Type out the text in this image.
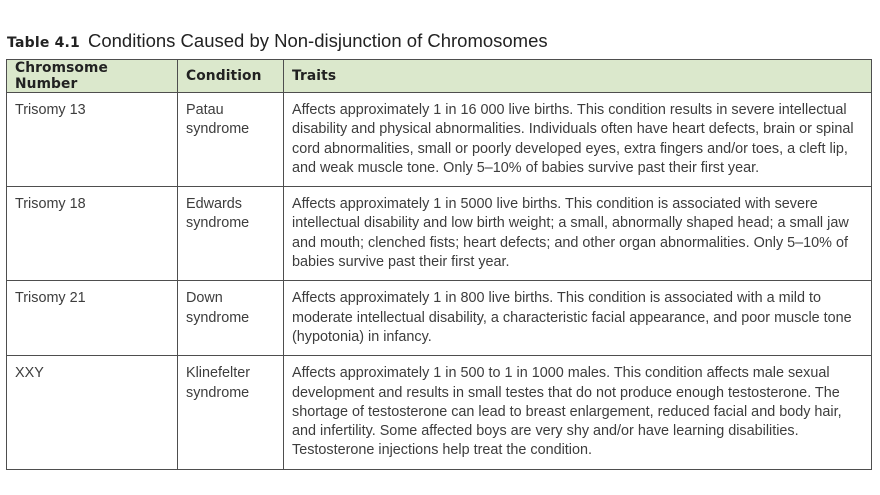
Table 4.1 Conditions Caused by Non-disjunction of Chromosomes
Chromsome Number	Condition	Traits
Trisomy 13	Patau syndrome	Affects approximately 1 in 16 000 live births. This condition results in severe intellectual disability and physical abnormalities. Individuals often have heart defects, brain or spinal cord abnormalities, small or poorly developed eyes, extra fingers and/or toes, a cleft lip, and weak muscle tone. Only 5–10% of babies survive past their first year.
Trisomy 18	Edwards syndrome	Affects approximately 1 in 5000 live births. This condition is associated with severe intellectual disability and low birth weight; a small, abnormally shaped head; a small jaw and mouth; clenched fists; heart defects; and other organ abnormalities. Only 5–10% of babies survive past their first year.
Trisomy 21	Down syndrome	Affects approximately 1 in 800 live births. This condition is associated with a mild to moderate intellectual disability, a characteristic facial appearance, and poor muscle tone (hypotonia) in infancy.
XXY	Klinefelter syndrome	Affects approximately 1 in 500 to 1 in 1000 males. This condition affects male sexual development and results in small testes that do not produce enough testosterone. The shortage of testosterone can lead to breast enlargement, reduced facial and body hair, and infertility. Some affected boys are very shy and/or have learning disabilities. Testosterone injections help treat the condition.
